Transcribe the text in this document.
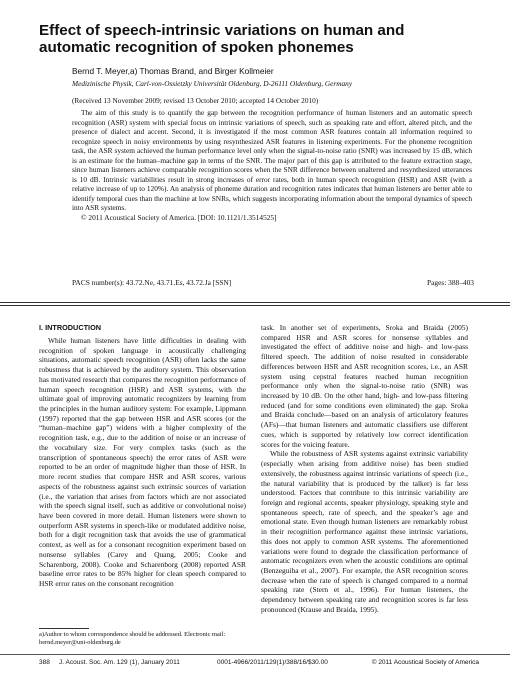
Effect of speech-intrinsic variations on human and automatic recognition of spoken phonemes
Bernd T. Meyer,a) Thomas Brand, and Birger Kollmeier
Medizinische Physik, Carl-von-Ossietzky Universität Oldenburg, D-26111 Oldenburg, Germany
(Received 13 November 2009; revised 13 October 2010; accepted 14 October 2010)

The aim of this study is to quantify the gap between the recognition performance of human listeners and an automatic speech recognition (ASR) system with special focus on intrinsic variations of speech, such as speaking rate and effort, altered pitch, and the presence of dialect and accent. Second, it is investigated if the most common ASR features contain all information required to recognize speech in noisy environments by using resynthesized ASR features in listening experiments. For the phoneme recognition task, the ASR system achieved the human performance level only when the signal-to-noise ratio (SNR) was increased by 15 dB, which is an estimate for the human–machine gap in terms of the SNR. The major part of this gap is attributed to the feature extraction stage, since human listeners achieve comparable recognition scores when the SNR difference between unaltered and resynthesized utterances is 10 dB. Intrinsic variabilities result in strong increases of error rates, both in human speech recognition (HSR) and ASR (with a relative increase of up to 120%). An analysis of phoneme duration and recognition rates indicates that human listeners are better able to identify temporal cues than the machine at low SNRs, which suggests incorporating information about the temporal dynamics of speech into ASR systems.

© 2011 Acoustical Society of America. [DOI: 10.1121/1.3514525]

PACS number(s): 43.72.Ne, 43.71.Es, 43.72.Ja [SSN]	Pages: 388–403
I. INTRODUCTION

While human listeners have little difficulties in dealing with recognition of spoken language in acoustically challenging situations, automatic speech recognition (ASR) often lacks the same robustness that is achieved by the auditory system. This observation has motivated research that compares the recognition performance of human speech recognition (HSR) and ASR systems, with the ultimate goal of improving automatic recognizers by learning from the principles in the human auditory system: For example, Lippmann (1997) reported that the gap between HSR and ASR scores (or the “human–machine gap”) widens with a higher complexity of the recognition task, e.g., due to the addition of noise or an increase of the vocabulary size. For very complex tasks (such as the transcription of spontaneous speech) the error rates of ASR were reported to be an order of magnitude higher than those of HSR. In more recent studies that compare HSR and ASR scores, various aspects of the robustness against such extrinsic sources of variation (i.e., the variation that arises from factors which are not associated with the speech signal itself, such as additive or convolutional noise) have been covered in more detail. Human listeners were shown to outperform ASR systems in speech-like or modulated additive noise, both for a digit recognition task that avoids the use of grammatical context, as well as for a consonant recognition experiment based on nonsense syllables (Carey and Quang, 2005; Cooke and Scharenborg, 2008). Cooke and Scharenborg (2008) reported ASR baseline error rates to be 85% higher for clean speech compared to HSR error rates on the consonant recognition

task. In another set of experiments, Sroka and Braida (2005) compared HSR and ASR scores for nonsense syllables and investigated the effect of additive noise and high- and low-pass filtered speech. The addition of noise resulted in considerable differences between HSR and ASR recognition scores, i.e., an ASR system using cepstral features reached human recognition performance only when the signal-to-noise ratio (SNR) was increased by 10 dB. On the other hand, high- and low-pass filtering reduced (and for some conditions even eliminated) the gap. Sroka and Braida conclude—based on an analysis of articulatory features (AFs)—that human listeners and automatic classifiers use different cues, which is supported by relatively low correct identification scores for the voicing feature.

While the robustness of ASR systems against extrinsic variability (especially when arising from additive noise) has been studied extensively, the robustness against intrinsic variations of speech (i.e., the natural variability that is produced by the talker) is far less understood. Factors that contribute to this intrinsic variability are foreign and regional accents, speaker physiology, speaking style and spontaneous speech, rate of speech, and the speaker’s age and emotional state. Even though human listeners are remarkably robust in their recognition performance against these intrinsic variations, this does not apply to common ASR systems. The aforementioned variations were found to degrade the classification performance of automatic recognizers even when the acoustic conditions are optimal (Benzeguiba et al., 2007). For example, the ASR recognition scores decrease when the rate of speech is changed compared to a normal speaking rate (Stern et al., 1996). For human listeners, the dependency between speaking rate and recognition scores is far less pronounced (Krause and Braida, 1995).

a)Author to whom correspondence should be addressed. Electronic mail: bernd.meyer@uni-oldenburg.de
388 J. Acoust. Soc. Am. 129 (1), January 2011	0001-4966/2011/129(1)/388/16/$30.00	© 2011 Acoustical Society of America
